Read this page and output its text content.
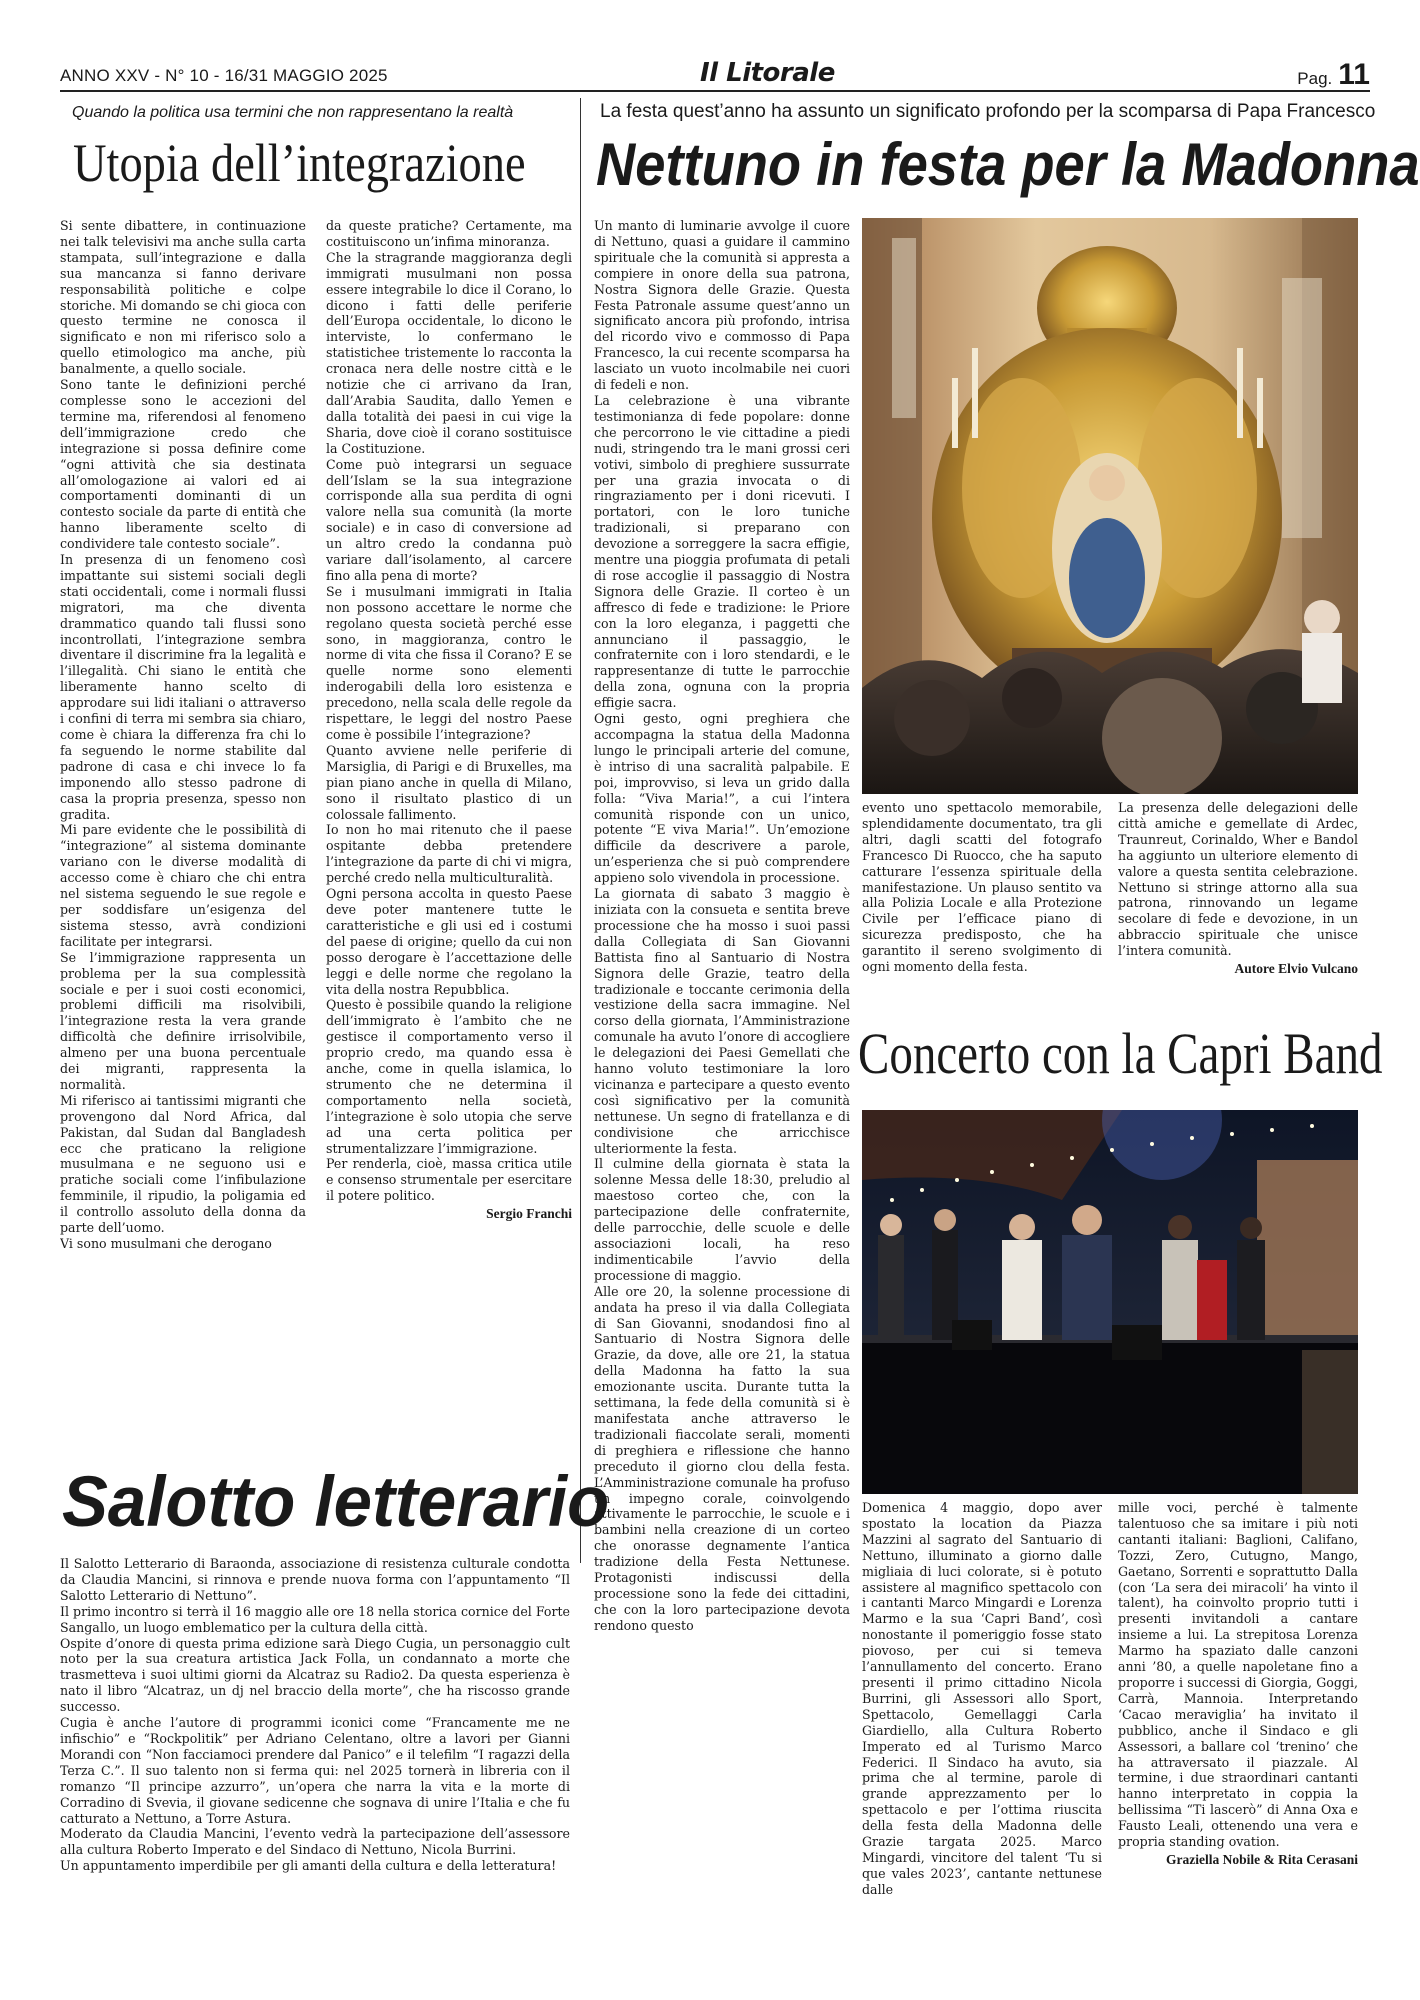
ANNO XXV - N° 10 - 16/31 MAGGIO 2025	Il Litorale	Pag. 11
Quando la politica usa termini che non rappresentano la realtà
Utopia dell’integrazione

Si sente dibattere, in continuazione nei talk televisivi ma anche sulla carta stampata, sull’integrazione e dalla sua mancanza si fanno derivare responsabilità politiche e colpe storiche. Mi domando se chi gioca con questo termine ne conosca il significato e non mi riferisco solo a quello etimologico ma anche, più banalmente, a quello sociale.

Sono tante le definizioni perché complesse sono le accezioni del termine ma, riferendosi al fenomeno dell’immigrazione credo che integrazione si possa definire come “ogni attività che sia destinata all’omologazione ai valori ed ai comportamenti dominanti di un contesto sociale da parte di entità che hanno liberamente scelto di condividere tale contesto sociale”.

In presenza di un fenomeno così impattante sui sistemi sociali degli stati occidentali, come i normali flussi migratori, ma che diventa drammatico quando tali flussi sono incontrollati, l’integrazione sembra diventare il discrimine fra la legalità e l’illegalità. Chi siano le entità che liberamente hanno scelto di approdare sui lidi italiani o attraverso i confini di terra mi sembra sia chiaro, come è chiara la differenza fra chi lo fa seguendo le norme stabilite dal padrone di casa e chi invece lo fa imponendo allo stesso padrone di casa la propria presenza, spesso non gradita.

Mi pare evidente che le possibilità di “integrazione” al sistema dominante variano con le diverse modalità di accesso come è chiaro che chi entra nel sistema seguendo le sue regole e per soddisfare un’esigenza del sistema stesso, avrà condizioni facilitate per integrarsi.

Se l’immigrazione rappresenta un problema per la sua complessità sociale e per i suoi costi economici, problemi difficili ma risolvibili, l’integrazione resta la vera grande difficoltà che definire irrisolvibile, almeno per una buona percentuale dei migranti, rappresenta la normalità.

Mi riferisco ai tantissimi migranti che provengono dal Nord Africa, dal Pakistan, dal Sudan dal Bangladesh ecc che praticano la religione musulmana e ne seguono usi e pratiche sociali come l’infibulazione femminile, il ripudio, la poligamia ed il controllo assoluto della donna da parte dell’uomo.

Vi sono musulmani che derogano

da queste pratiche? Certamente, ma costituiscono un’infima minoranza.

Che la stragrande maggioranza degli immigrati musulmani non possa essere integrabile lo dice il Corano, lo dicono i fatti delle periferie dell’Europa occidentale, lo dicono le interviste, lo confermano le statistichee tristemente lo racconta la cronaca nera delle nostre città e le notizie che ci arrivano da Iran, dall’Arabia Saudita, dallo Yemen e dalla totalità dei paesi in cui vige la Sharia, dove cioè il corano sostituisce la Costituzione.

Come può integrarsi un seguace dell’Islam se la sua integrazione corrisponde alla sua perdita di ogni valore nella sua comunità (la morte sociale) e in caso di conversione ad un altro credo la condanna può variare dall’isolamento, al carcere fino alla pena di morte?

Se i musulmani immigrati in Italia non possono accettare le norme che regolano questa società perché esse sono, in maggioranza, contro le norme di vita che fissa il Corano? E se quelle norme sono elementi inderogabili della loro esistenza e precedono, nella scala delle regole da rispettare, le leggi del nostro Paese come è possibile l’integrazione?

Quanto avviene nelle periferie di Marsiglia, di Parigi e di Bruxelles, ma pian piano anche in quella di Milano, sono il risultato plastico di un colossale fallimento.

Io non ho mai ritenuto che il paese ospitante debba pretendere l’integrazione da parte di chi vi migra, perché credo nella multiculturalità.

Ogni persona accolta in questo Paese deve poter mantenere tutte le caratteristiche e gli usi ed i costumi del paese di origine; quello da cui non posso derogare è l’accettazione delle leggi e delle norme che regolano la vita della nostra Repubblica.

Questo è possibile quando la religione dell’immigrato è l’ambito che ne gestisce il comportamento verso il proprio credo, ma quando essa è anche, come in quella islamica, lo strumento che ne determina il comportamento nella società, l’integrazione è solo utopia che serve ad una certa politica per strumentalizzare l’immigrazione.

Per renderla, cioè, massa critica utile e consenso strumentale per esercitare il potere politico.

Sergio Franchi
Salotto letterario

Il Salotto Letterario di Baraonda, associazione di resistenza culturale condotta da Claudia Mancini, si rinnova e prende nuova forma con l’appuntamento “Il Salotto Letterario di Nettuno”.

Il primo incontro si terrà il 16 maggio alle ore 18 nella storica cornice del Forte Sangallo, un luogo emblematico per la cultura della città.

Ospite d’onore di questa prima edizione sarà Diego Cugia, un personaggio cult noto per la sua creatura artistica Jack Folla, un condannato a morte che trasmetteva i suoi ultimi giorni da Alcatraz su Radio2. Da questa esperienza è nato il libro “Alcatraz, un dj nel braccio della morte”, che ha riscosso grande successo.

Cugia è anche l’autore di programmi iconici come “Francamente me ne infischio” e “Rockpolitik” per Adriano Celentano, oltre a lavori per Gianni Morandi con “Non facciamoci prendere dal Panico” e il telefilm “I ragazzi della Terza C.”. Il suo talento non si ferma qui: nel 2025 tornerà in libreria con il romanzo “Il principe azzurro”, un’opera che narra la vita e la morte di Corradino di Svevia, il giovane sedicenne che sognava di unire l’Italia e che fu catturato a Nettuno, a Torre Astura.

Moderato da Claudia Mancini, l’evento vedrà la partecipazione dell’assessore alla cultura Roberto Imperato e del Sindaco di Nettuno, Nicola Burrini.

Un appuntamento imperdibile per gli amanti della cultura e della letteratura!

La festa quest’anno ha assunto un significato profondo per la scomparsa di Papa Francesco
Nettuno in festa per la Madonna

Un manto di luminarie avvolge il cuore di Nettuno, quasi a guidare il cammino spirituale che la comunità si appresta a compiere in onore della sua patrona, Nostra Signora delle Grazie. Questa Festa Patronale assume quest’anno un significato ancora più profondo, intrisa del ricordo vivo e commosso di Papa Francesco, la cui recente scomparsa ha lasciato un vuoto incolmabile nei cuori di fedeli e non.

La celebrazione è una vibrante testimonianza di fede popolare: donne che percorrono le vie cittadine a piedi nudi, stringendo tra le mani grossi ceri votivi, simbolo di preghiere sussurrate per una grazia invocata o di ringraziamento per i doni ricevuti. I portatori, con le loro tuniche tradizionali, si preparano con devozione a sorreggere la sacra effigie, mentre una pioggia profumata di petali di rose accoglie il passaggio di Nostra Signora delle Grazie. Il corteo è un affresco di fede e tradizione: le Priore con la loro eleganza, i paggetti che annunciano il passaggio, le confraternite con i loro stendardi, e le rappresentanze di tutte le parrocchie della zona, ognuna con la propria effigie sacra.

Ogni gesto, ogni preghiera che accompagna la statua della Madonna lungo le principali arterie del comune, è intriso di una sacralità palpabile. E poi, improvviso, si leva un grido dalla folla: “Viva Maria!”, a cui l’intera comunità risponde con un unico, potente “E viva Maria!”. Un’emozione difficile da descrivere a parole, un’esperienza che si può comprendere appieno solo vivendola in processione.

La giornata di sabato 3 maggio è iniziata con la consueta e sentita breve processione che ha mosso i suoi passi dalla Collegiata di San Giovanni Battista fino al Santuario di Nostra Signora delle Grazie, teatro della tradizionale e toccante cerimonia della vestizione della sacra immagine. Nel corso della giornata, l’Amministrazione comunale ha avuto l’onore di accogliere le delegazioni dei Paesi Gemellati che hanno voluto testimoniare la loro vicinanza e partecipare a questo evento così significativo per la comunità nettunese. Un segno di fratellanza e di condivisione che arricchisce ulteriormente la festa.

Il culmine della giornata è stata la solenne Messa delle 18:30, preludio al maestoso corteo che, con la partecipazione delle confraternite, delle parrocchie, delle scuole e delle associazioni locali, ha reso indimenticabile l’avvio della processione di maggio.

Alle ore 20, la solenne processione di andata ha preso il via dalla Collegiata di San Giovanni, snodandosi fino al Santuario di Nostra Signora delle Grazie, da dove, alle ore 21, la statua della Madonna ha fatto la sua emozionante uscita. Durante tutta la settimana, la fede della comunità si è manifestata anche attraverso le tradizionali fiaccolate serali, momenti di preghiera e riflessione che hanno preceduto il giorno clou della festa. L’Amministrazione comunale ha profuso un impegno corale, coinvolgendo attivamente le parrocchie, le scuole e i bambini nella creazione di un corteo che onorasse degnamente l’antica tradizione della Festa Nettunese. Protagonisti indiscussi della processione sono la fede dei cittadini, che con la loro partecipazione devota rendono questo

evento uno spettacolo memorabile, splendidamente documentato, tra gli altri, dagli scatti del fotografo Francesco Di Ruocco, che ha saputo catturare l’essenza spirituale della manifestazione. Un plauso sentito va alla Polizia Locale e alla Protezione Civile per l’efficace piano di sicurezza predisposto, che ha garantito il sereno svolgimento di ogni momento della festa.

La presenza delle delegazioni delle città amiche e gemellate di Ardec, Traunreut, Corinaldo, Wher e Bandol ha aggiunto un ulteriore elemento di valore a questa sentita celebrazione. Nettuno si stringe attorno alla sua patrona, rinnovando un legame secolare di fede e devozione, in un abbraccio spirituale che unisce l’intera comunità.

Autore Elvio Vulcano
Concerto con la Capri Band

Domenica 4 maggio, dopo aver spostato la location da Piazza Mazzini al sagrato del Santuario di Nettuno, illuminato a giorno dalle migliaia di luci colorate, si è potuto assistere al magnifico spettacolo con i cantanti Marco Mingardi e Lorenza Marmo e la sua ‘Capri Band’, così nonostante il pomeriggio fosse stato piovoso, per cui si temeva l’annullamento del concerto. Erano presenti il primo cittadino Nicola Burrini, gli Assessori allo Sport, Spettacolo, Gemellaggi Carla Giardiello, alla Cultura Roberto Imperato ed al Turismo Marco Federici. Il Sindaco ha avuto, sia prima che al termine, parole di grande apprezzamento per lo spettacolo e per l’ottima riuscita della festa della Madonna delle Grazie targata 2025. Marco Mingardi, vincitore del talent ‘Tu si que vales 2023’, cantante nettunese dalle

mille voci, perché è talmente talentuoso che sa imitare i più noti cantanti italiani: Baglioni, Califano, Tozzi, Zero, Cutugno, Mango, Gaetano, Sorrenti e soprattutto Dalla (con ‘La sera dei miracoli’ ha vinto il talent), ha coinvolto proprio tutti i presenti invitandoli a cantare insieme a lui. La strepitosa Lorenza Marmo ha spaziato dalle canzoni anni ’80, a quelle napoletane fino a proporre i successi di Giorgia, Goggi, Carrà, Mannoia. Interpretando ‘Cacao meraviglia’ ha invitato il pubblico, anche il Sindaco e gli Assessori, a ballare col ‘trenino’ che ha attraversato il piazzale. Al termine, i due straordinari cantanti hanno interpretato in coppia la bellissima “Ti lascerò” di Anna Oxa e Fausto Leali, ottenendo una vera e propria standing ovation.

Graziella Nobile & Rita Cerasani
